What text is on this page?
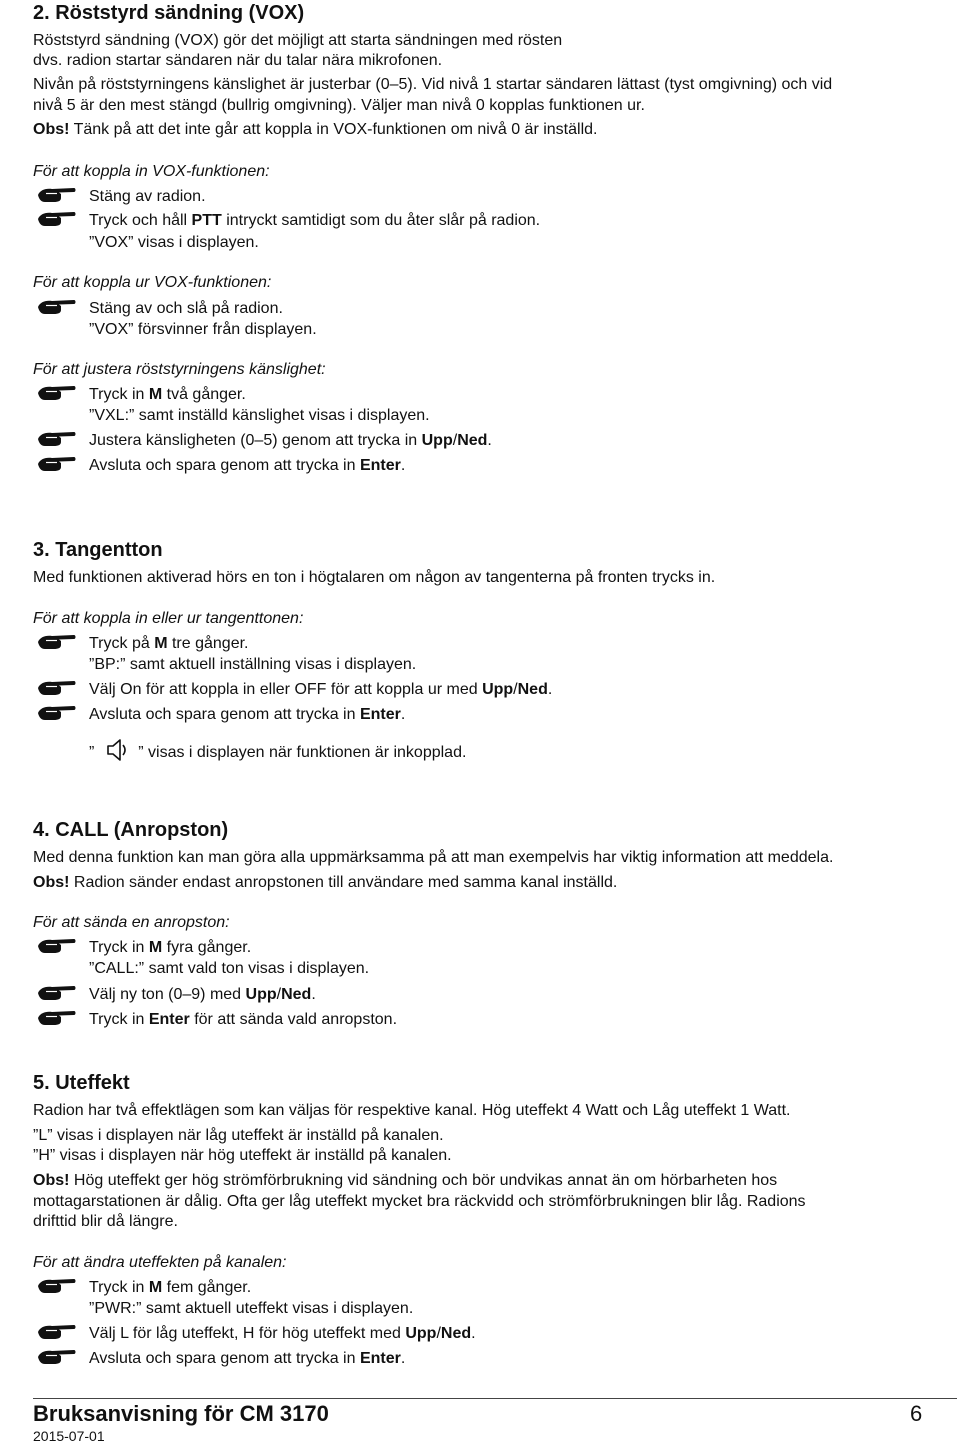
2. Röststyrd sändning (VOX)
Röststyrd sändning (VOX) gör det möjligt att starta sändningen med rösten
dvs. radion startar sändaren när du talar nära mikrofonen.
Nivån på röststyrningens känslighet är justerbar (0–5). Vid nivå 1 startar sändaren lättast (tyst omgivning) och vid
nivå 5 är den mest stängd (bullrig omgivning). Väljer man nivå 0 kopplas funktionen ur.
Obs! Tänk på att det inte går att koppla in VOX-funktionen om nivå 0 är inställd.
För att koppla in VOX-funktionen:
Stäng av radion.
Tryck och håll PTT intryckt samtidigt som du åter slår på radion.
”VOX” visas i displayen.
För att koppla ur VOX-funktionen:
Stäng av och slå på radion.
”VOX” försvinner från displayen.
För att justera röststyrningens känslighet:
Tryck in M två gånger.
”VXL:” samt inställd känslighet visas i displayen.
Justera känsligheten (0–5) genom att trycka in Upp/Ned.
Avsluta och spara genom att trycka in Enter.
3. Tangentton
Med funktionen aktiverad hörs en ton i högtalaren om någon av tangenterna på fronten trycks in.
För att koppla in eller ur tangenttonen:
Tryck på M tre gånger.
”BP:” samt aktuell inställning visas i displayen.
Välj On för att koppla in eller OFF för att koppla ur med Upp/Ned.
Avsluta och spara genom att trycka in Enter.
”	” visas i displayen när funktionen är inkopplad.
4. CALL (Anropston)
Med denna funktion kan man göra alla uppmärksamma på att man exempelvis har viktig information att meddela.
Obs! Radion sänder endast anropstonen till användare med samma kanal inställd.
För att sända en anropston:
Tryck in M fyra gånger.
”CALL:” samt vald ton visas i displayen.
Välj ny ton (0–9) med Upp/Ned.
Tryck in Enter för att sända vald anropston.
5. Uteffekt
Radion har två effektlägen som kan väljas för respektive kanal. Hög uteffekt 4 Watt och Låg uteffekt 1 Watt.
”L” visas i displayen när låg uteffekt är inställd på kanalen.
”H” visas i displayen när hög uteffekt är inställd på kanalen.
Obs! Hög uteffekt ger hög strömförbrukning vid sändning och bör undvikas annat än om hörbarheten hos
mottagarstationen är dålig. Ofta ger låg uteffekt mycket bra räckvidd och strömförbrukningen blir låg. Radions
drifttid blir då längre.
För att ändra uteffekten på kanalen:
Tryck in M fem gånger.
”PWR:” samt aktuell uteffekt visas i displayen.
Välj L för låg uteffekt, H för hög uteffekt med Upp/Ned.
Avsluta och spara genom att trycka in Enter.
Bruksanvisning för CM 3170	6
2015-07-01
